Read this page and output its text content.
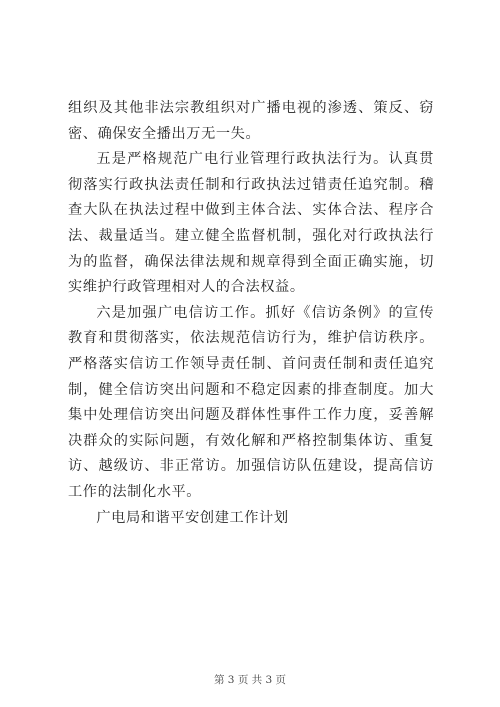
组织及其他非法宗教组织对广播电视的渗透、策反、窃密、确保安全播出万无一失。

五是严格规范广电行业管理行政执法行为。认真贯彻落实行政执法责任制和行政执法过错责任追究制。稽查大队在执法过程中做到主体合法、实体合法、程序合法、裁量适当。建立健全监督机制，强化对行政执法行为的监督，确保法律法规和规章得到全面正确实施，切实维护行政管理相对人的合法权益。

六是加强广电信访工作。抓好《信访条例》的宣传教育和贯彻落实，依法规范信访行为，维护信访秩序。严格落实信访工作领导责任制、首问责任制和责任追究制，健全信访突出问题和不稳定因素的排查制度。加大集中处理信访突出问题及群体性事件工作力度，妥善解决群众的实际问题，有效化解和严格控制集体访、重复访、越级访、非正常访。加强信访队伍建设，提高信访工作的法制化水平。

广电局和谐平安创建工作计划

第 3 页 共 3 页
